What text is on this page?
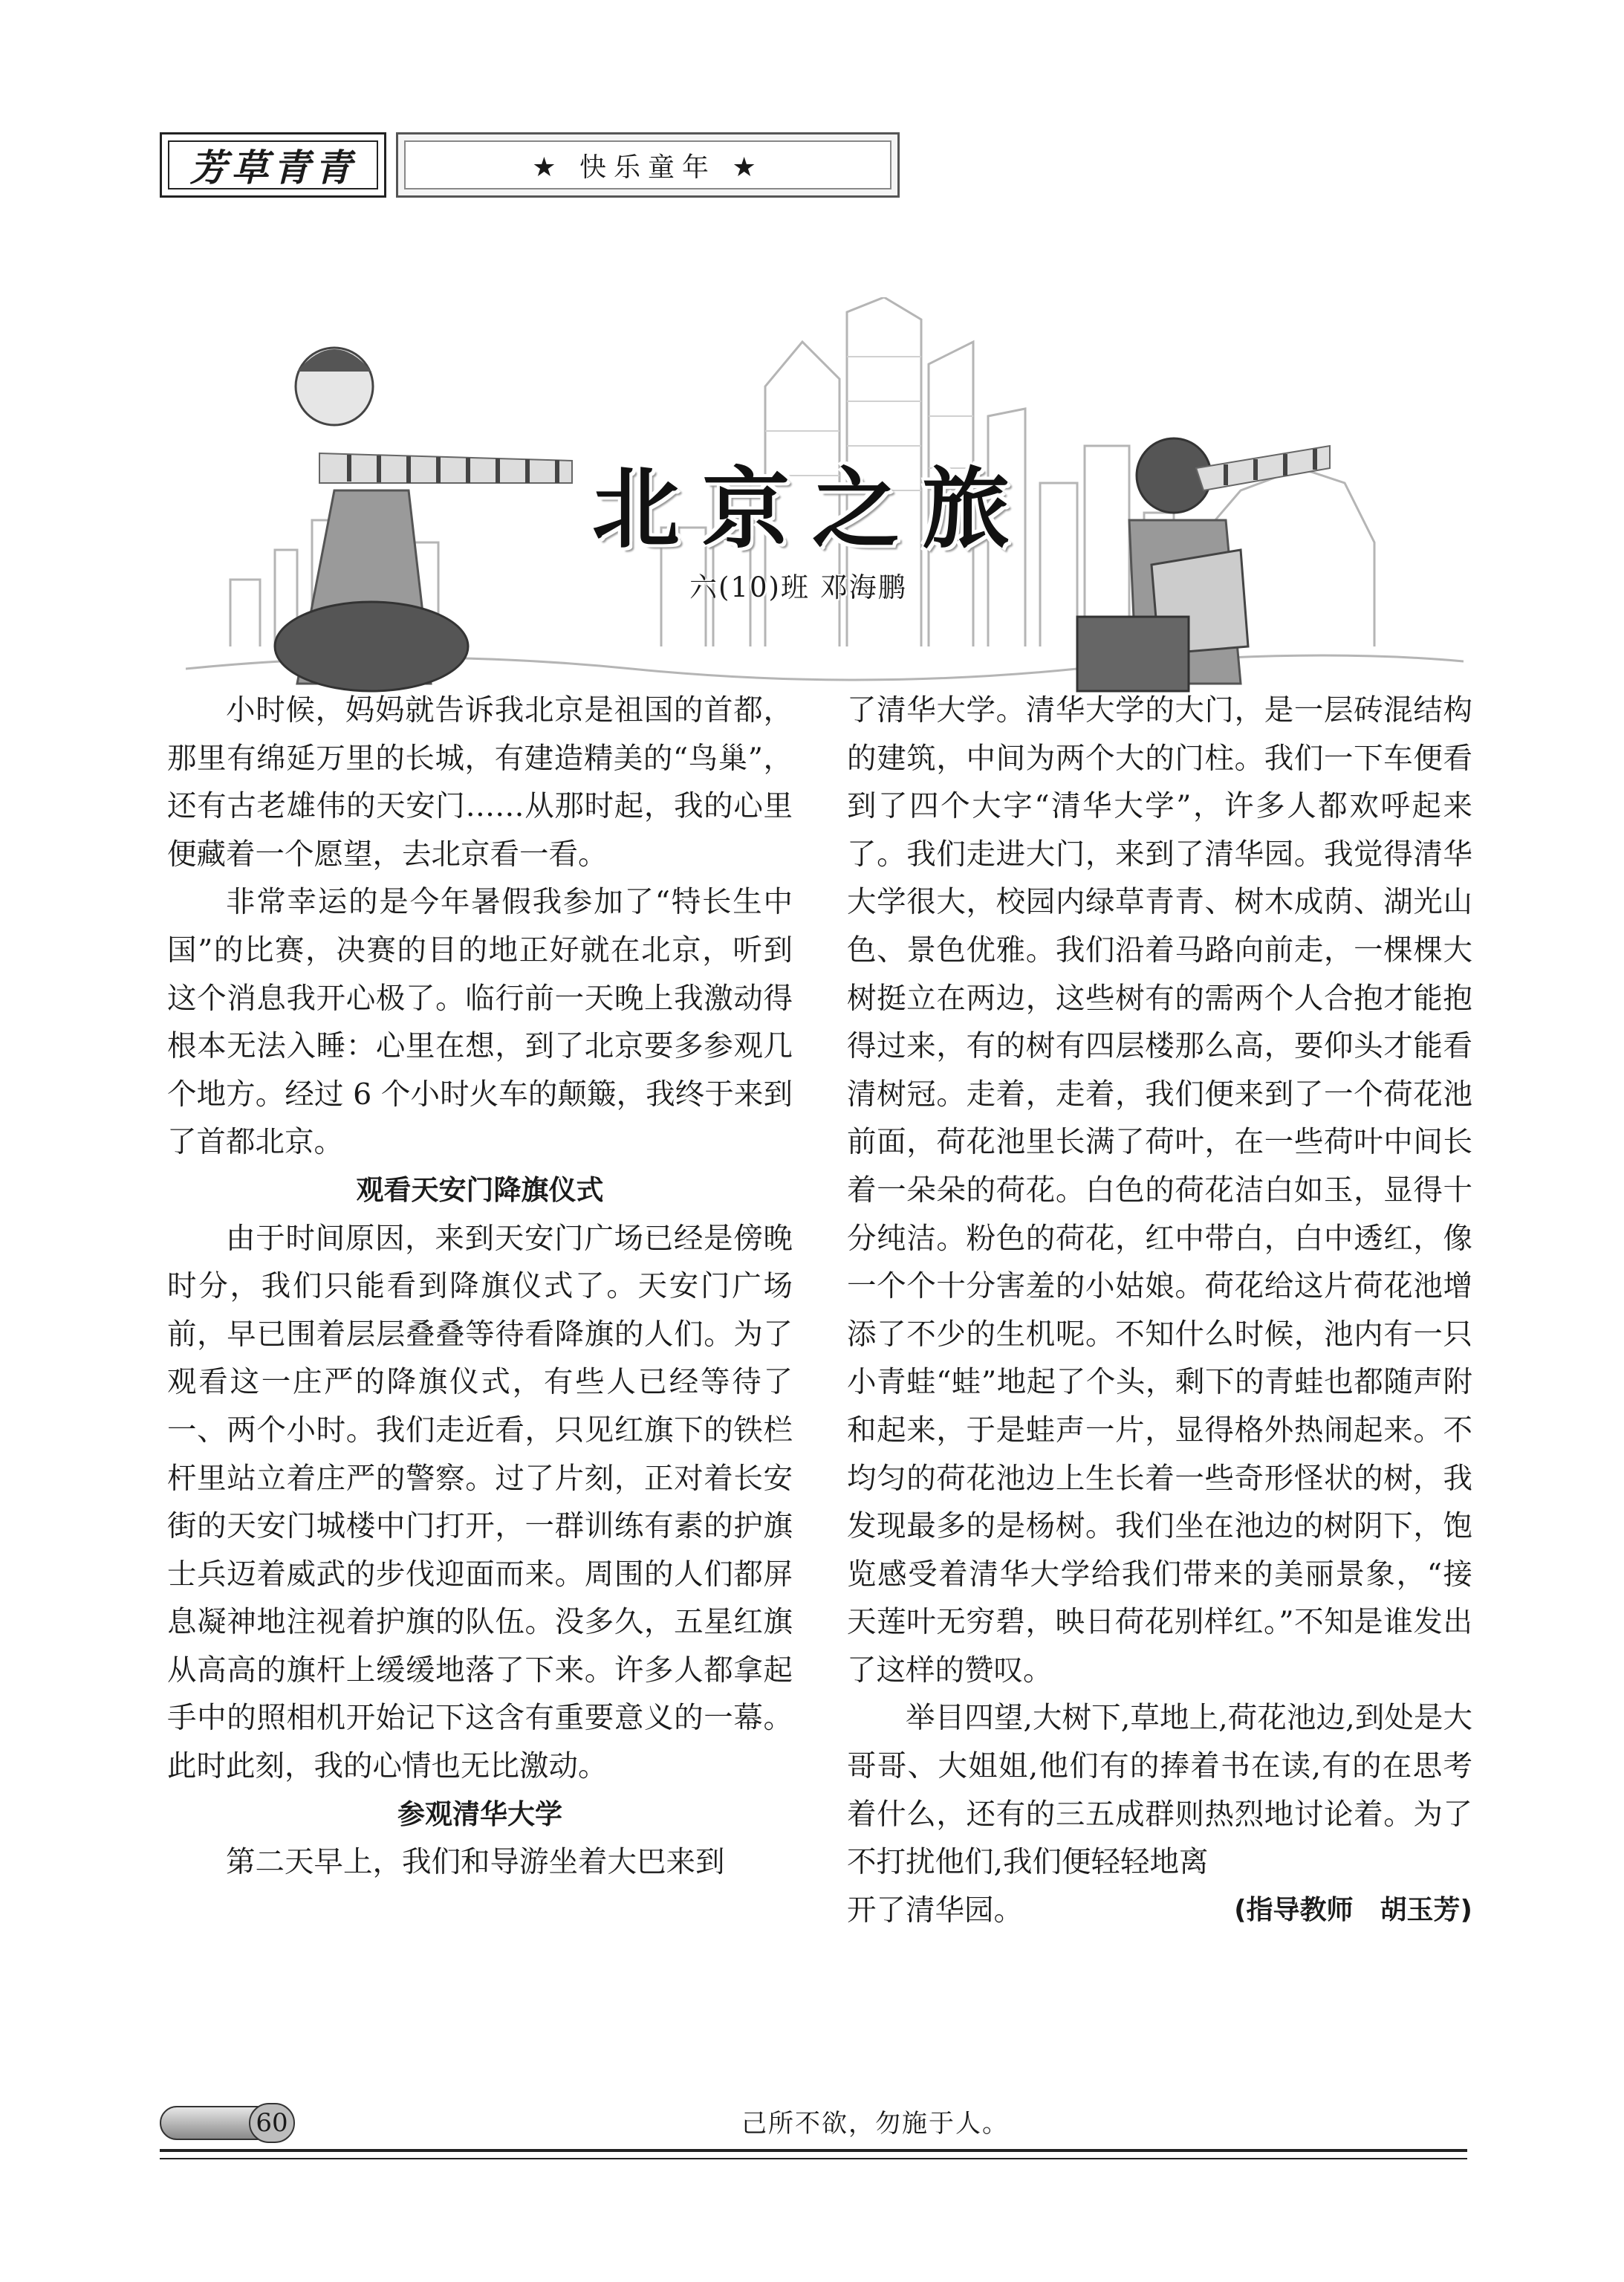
芳草青青	★ 快乐童年 ★
北京之旅
六(10)班 邓海鹏

小时候，妈妈就告诉我北京是祖国的首都，那里有绵延万里的长城，有建造精美的“鸟巢”，还有古老雄伟的天安门……从那时起，我的心里便藏着一个愿望，去北京看一看。

非常幸运的是今年暑假我参加了“特长生中国”的比赛，决赛的目的地正好就在北京，听到这个消息我开心极了。临行前一天晚上我激动得根本无法入睡：心里在想，到了北京要多参观几个地方。经过 6 个小时火车的颠簸，我终于来到了首都北京。

观看天安门降旗仪式

由于时间原因，来到天安门广场已经是傍晚时分，我们只能看到降旗仪式了。天安门广场前，早已围着层层叠叠等待看降旗的人们。为了观看这一庄严的降旗仪式，有些人已经等待了一、两个小时。我们走近看，只见红旗下的铁栏杆里站立着庄严的警察。过了片刻，正对着长安街的天安门城楼中门打开，一群训练有素的护旗士兵迈着威武的步伐迎面而来。周围的人们都屏息凝神地注视着护旗的队伍。没多久，五星红旗从高高的旗杆上缓缓地落了下来。许多人都拿起手中的照相机开始记下这含有重要意义的一幕。此时此刻，我的心情也无比激动。

参观清华大学

第二天早上，我们和导游坐着大巴来到

了清华大学。清华大学的大门，是一层砖混结构的建筑，中间为两个大的门柱。我们一下车便看到了四个大字“清华大学”，许多人都欢呼起来了。我们走进大门，来到了清华园。我觉得清华大学很大，校园内绿草青青、树木成荫、湖光山色、景色优雅。我们沿着马路向前走，一棵棵大树挺立在两边，这些树有的需两个人合抱才能抱得过来，有的树有四层楼那么高，要仰头才能看清树冠。走着，走着，我们便来到了一个荷花池前面，荷花池里长满了荷叶，在一些荷叶中间长着一朵朵的荷花。白色的荷花洁白如玉，显得十分纯洁。粉色的荷花，红中带白，白中透红，像一个个十分害羞的小姑娘。荷花给这片荷花池增添了不少的生机呢。不知什么时候，池内有一只小青蛙“蛙”地起了个头，剩下的青蛙也都随声附和起来，于是蛙声一片，显得格外热闹起来。不均匀的荷花池边上生长着一些奇形怪状的树，我发现最多的是杨树。我们坐在池边的树阴下，饱览感受着清华大学给我们带来的美丽景象，“接天莲叶无穷碧，映日荷花别样红。”不知是谁发出了这样的赞叹。

举目四望,大树下,草地上,荷花池边,到处是大哥哥、大姐姐,他们有的捧着书在读,有的在思考着什么，还有的三五成群则热烈地讨论着。为了不打扰他们,我们便轻轻地离

开了清华园。	(指导教师　胡玉芳)
60	己所不欲，勿施于人。
